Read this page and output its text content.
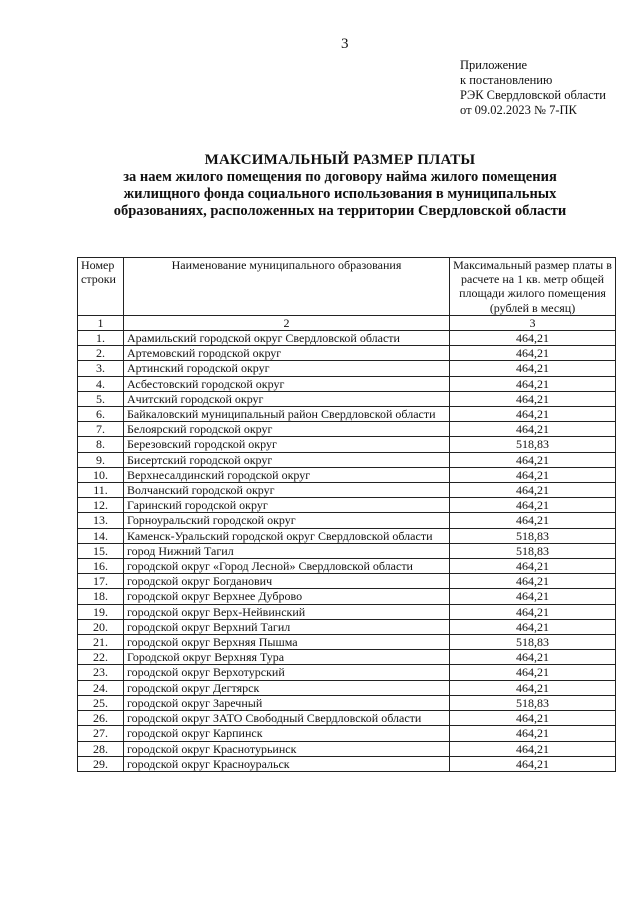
3
Приложение
к постановлению
РЭК Свердловской области
от 09.02.2023 № 7-ПК
МАКСИМАЛЬНЫЙ РАЗМЕР ПЛАТЫ
за наем жилого помещения по договору найма жилого помещения
жилищного фонда социального использования в муниципальных
образованиях, расположенных на территории Свердловской области
Номер строки	Наименование муниципального образования	Максимальный размер платы в расчете на 1 кв. метр общей площади жилого помещения (рублей в месяц)
1	2	3
1.	Арамильский городской округ Свердловской области	464,21
2.	Артемовский городской округ	464,21
3.	Артинский городской округ	464,21
4.	Асбестовский городской округ	464,21
5.	Ачитский городской округ	464,21
6.	Байкаловский муниципальный район Свердловской области	464,21
7.	Белоярский городской округ	464,21
8.	Березовский городской округ	518,83
9.	Бисертский городской округ	464,21
10.	Верхнесалдинский городской округ	464,21
11.	Волчанский городской округ	464,21
12.	Гаринский городской округ	464,21
13.	Горноуральский городской округ	464,21
14.	Каменск-Уральский городской округ Свердловской области	518,83
15.	город Нижний Тагил	518,83
16.	городской округ «Город Лесной» Свердловской области	464,21
17.	городской округ Богданович	464,21
18.	городской округ Верхнее Дуброво	464,21
19.	городской округ Верх-Нейвинский	464,21
20.	городской округ Верхний Тагил	464,21
21.	городской округ Верхняя Пышма	518,83
22.	Городской округ Верхняя Тура	464,21
23.	городской округ Верхотурский	464,21
24.	городской округ Дегтярск	464,21
25.	городской округ Заречный	518,83
26.	городской округ ЗАТО Свободный Свердловской области	464,21
27.	городской округ Карпинск	464,21
28.	городской округ Краснотурьинск	464,21
29.	городской округ Красноуральск	464,21
